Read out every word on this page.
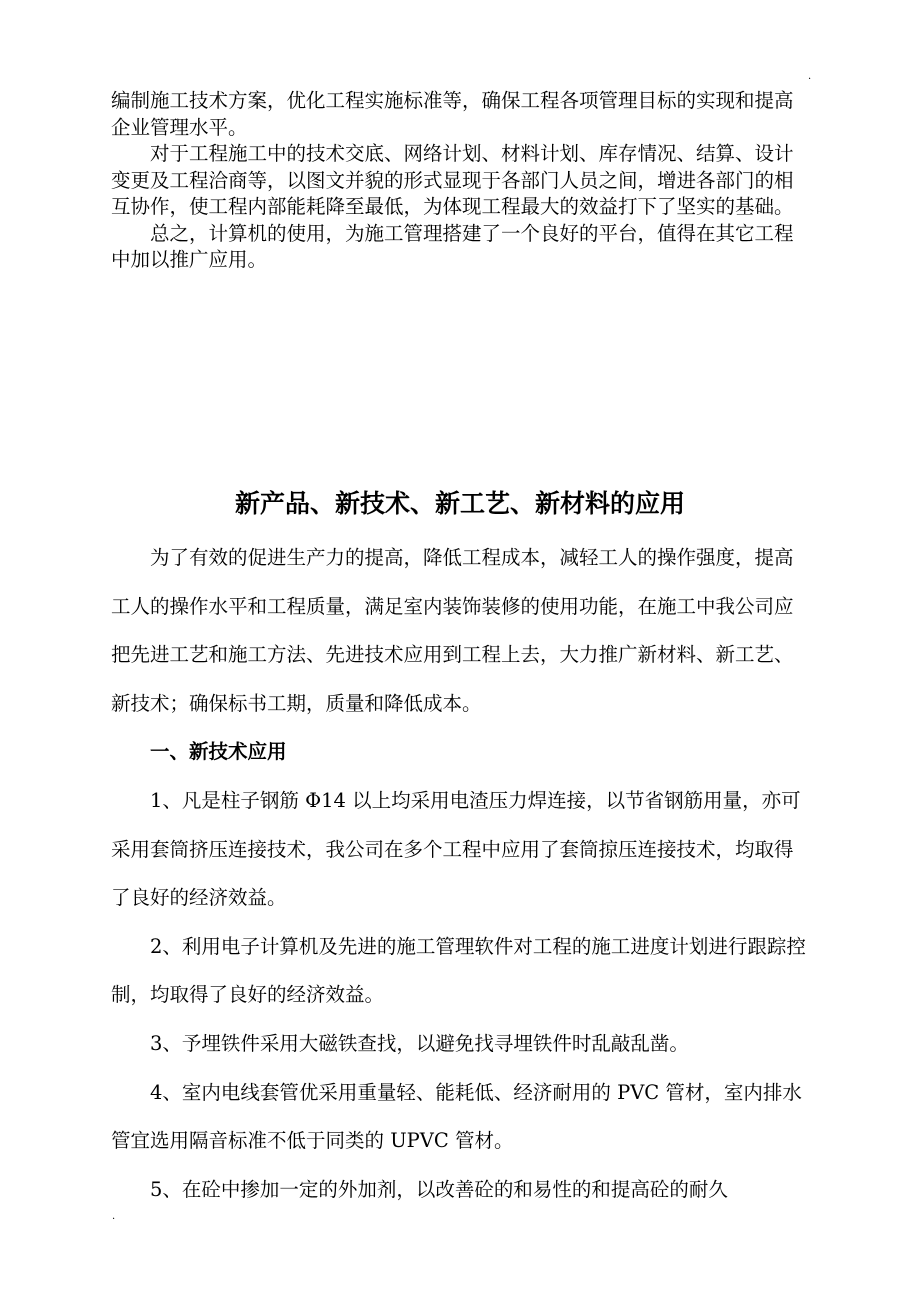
.

编制施工技术方案，优化工程实施标准等，确保工程各项管理目标的实现和提高企业管理水平。

对于工程施工中的技术交底、网络计划、材料计划、库存情况、结算、设计变更及工程洽商等，以图文并貌的形式显现于各部门人员之间，增进各部门的相互协作，使工程内部能耗降至最低，为体现工程最大的效益打下了坚实的基础。

总之，计算机的使用，为施工管理搭建了一个良好的平台，值得在其它工程中加以推广应用。

新产品、新技术、新工艺、新材料的应用

为了有效的促进生产力的提高，降低工程成本，减轻工人的操作强度，提高工人的操作水平和工程质量，满足室内装饰装修的使用功能，在施工中我公司应把先进工艺和施工方法、先进技术应用到工程上去，大力推广新材料、新工艺、新技术；确保标书工期，质量和降低成本。

一、新技术应用

1、凡是柱子钢筋 Φ14 以上均采用电渣压力焊连接，以节省钢筋用量，亦可采用套筒挤压连接技术，我公司在多个工程中应用了套筒掠压连接技术，均取得了良好的经济效益。

2、利用电子计算机及先进的施工管理软件对工程的施工进度计划进行跟踪控制，均取得了良好的经济效益。

3、予埋铁件采用大磁铁查找，以避免找寻埋铁件时乱敲乱凿。

4、室内电线套管优采用重量轻、能耗低、经济耐用的 PVC 管材，室内排水管宜选用隔音标准不低于同类的 UPVC 管材。

5、在砼中掺加一定的外加剂，以改善砼的和易性的和提高砼的耐久

.
